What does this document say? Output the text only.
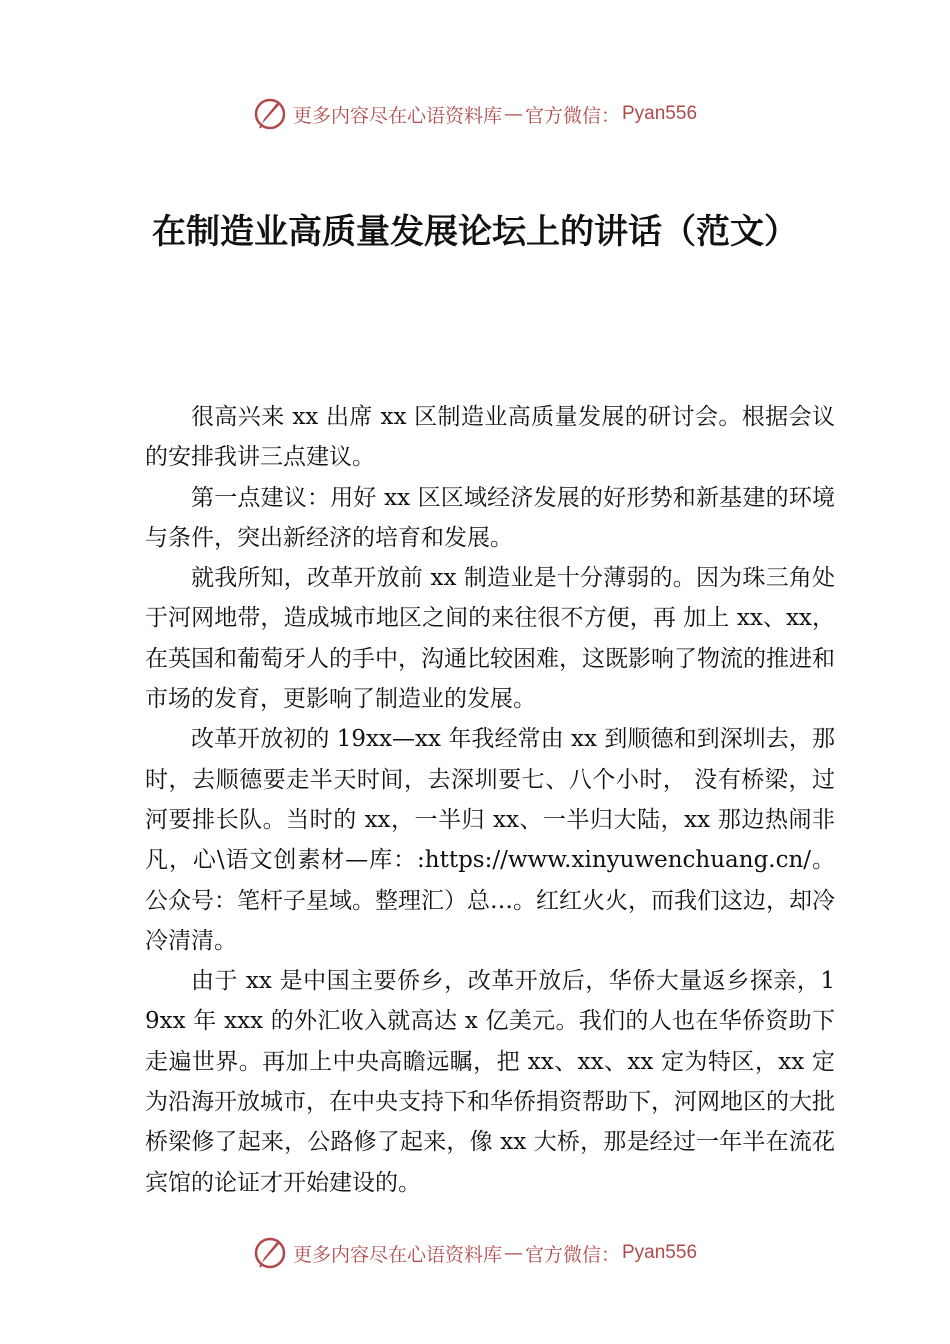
更多内容尽在心语资料库 — 官方微信： Pyan556
在制造业高质量发展论坛上的讲话（范文）

很高兴来 xx 出席 xx 区制造业高质量发展的研讨会。根据会议的安排我讲三点建议。

第一点建议：用好 xx 区区域经济发展的好形势和新基建的环境与条件，突出新经济的培育和发展。

就我所知，改革开放前 xx 制造业是十分薄弱的。因为珠三角处于河网地带，造成城市地区之间的来往很不方便，再 加上 xx、xx，在英国和葡萄牙人的手中，沟通比较困难，这既影响了物流的推进和市场的发育，更影响了制造业的发展。

改革开放初的 19xx—xx 年我经常由 xx 到顺德和到深圳去，那时，去顺德要走半天时间，去深圳要七、八个小时， 没有桥梁，过河要排长队。当时的 xx，一半归 xx、一半归大陆，xx 那边热闹非凡，心\语文创素材—库：:https://www.xinyuwenchuang.cn/。公众号：笔杆子星域。整理汇）总…。红红火火，而我们这边，却冷冷清清。

由于 xx 是中国主要侨乡，改革开放后，华侨大量返乡探亲，19xx 年 xxx 的外汇收入就高达 x 亿美元。我们的人也在华侨资助下走遍世界。再加上中央高瞻远瞩，把 xx、xx、xx 定为特区，xx 定为沿海开放城市，在中央支持下和华侨捐资帮助下，河网地区的大批桥梁修了起来，公路修了起来，像 xx 大桥，那是经过一年半在流花宾馆的论证才开始建设的。

更多内容尽在心语资料库 — 官方微信： Pyan556
